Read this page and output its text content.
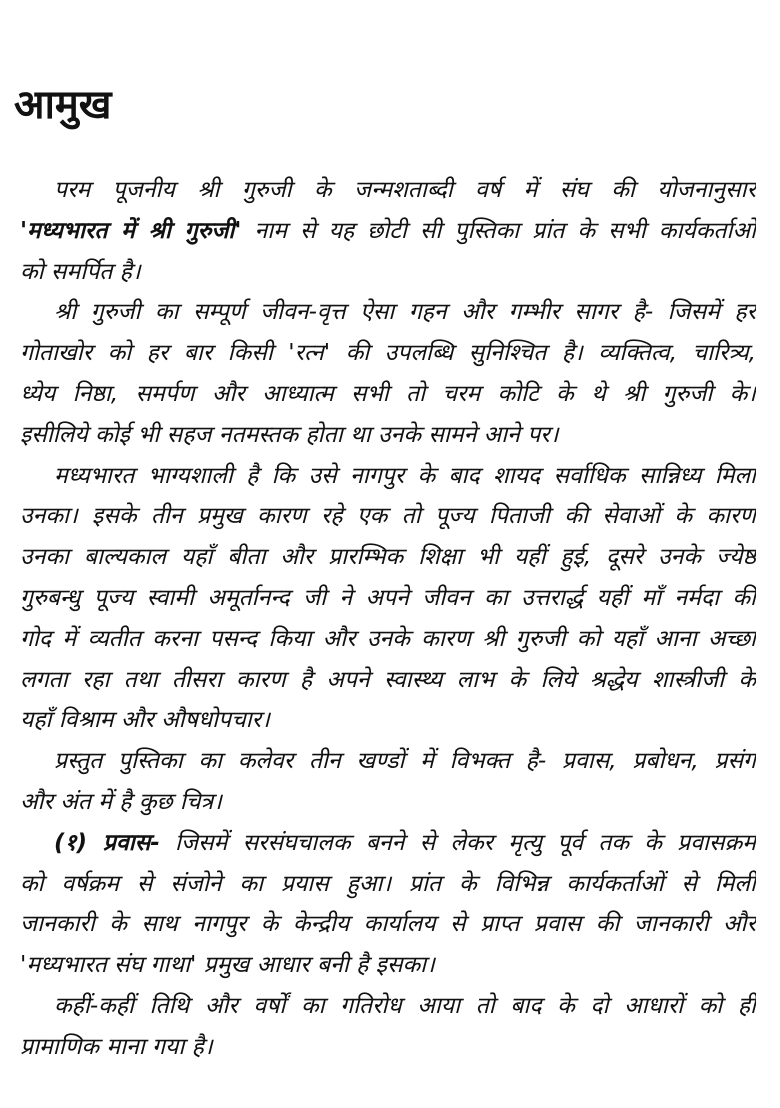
आमुख
परम पूजनीय श्री गुरुजी के जन्मशताब्दी वर्ष में संघ की योजनानुसार
'मध्यभारत में श्री गुरुजी' नाम से यह छोटी सी पुस्तिका प्रांत के सभी कार्यकर्ताओं
को समर्पित है।
श्री गुरुजी का सम्पूर्ण जीवन-वृत्त ऐसा गहन और गम्भीर सागर है- जिसमें हर
गोताखोर को हर बार किसी 'रत्न' की उपलब्धि सुनिश्चित है। व्यक्तित्व, चारित्र्य,
ध्येय निष्ठा, समर्पण और आध्यात्म सभी तो चरम कोटि के थे श्री गुरुजी के।
इसीलिये कोई भी सहज नतमस्तक होता था उनके सामने आने पर।
मध्यभारत भाग्यशाली है कि उसे नागपुर के बाद शायद सर्वाधिक सान्निध्य मिला
उनका। इसके तीन प्रमुख कारण रहे एक तो पूज्य पिताजी की सेवाओं के कारण
उनका बाल्यकाल यहाँ बीता और प्रारम्भिक शिक्षा भी यहीं हुई, दूसरे उनके ज्येष्ठ
गुरुबन्धु पूज्य स्वामी अमूर्तानन्द जी ने अपने जीवन का उत्तरार्द्ध यहीं माँ नर्मदा की
गोद में व्यतीत करना पसन्द किया और उनके कारण श्री गुरुजी को यहाँ आना अच्छा
लगता रहा तथा तीसरा कारण है अपने स्वास्थ्य लाभ के लिये श्रद्धेय शास्त्रीजी के
यहाँ विश्राम और औषधोपचार।
प्रस्तुत पुस्तिका का कलेवर तीन खण्डों में विभक्त है- प्रवास, प्रबोधन, प्रसंग
और अंत में है कुछ चित्र।
(१) प्रवास- जिसमें सरसंघचालक बनने से लेकर मृत्यु पूर्व तक के प्रवासक्रम
को वर्षक्रम से संजोने का प्रयास हुआ। प्रांत के विभिन्न कार्यकर्ताओं से मिली
जानकारी के साथ नागपुर के केन्द्रीय कार्यालय से प्राप्त प्रवास की जानकारी और
'मध्यभारत संघ गाथा' प्रमुख आधार बनी है इसका।
कहीं-कहीं तिथि और वर्षों का गतिरोध आया तो बाद के दो आधारों को ही
प्रामाणिक माना गया है।
